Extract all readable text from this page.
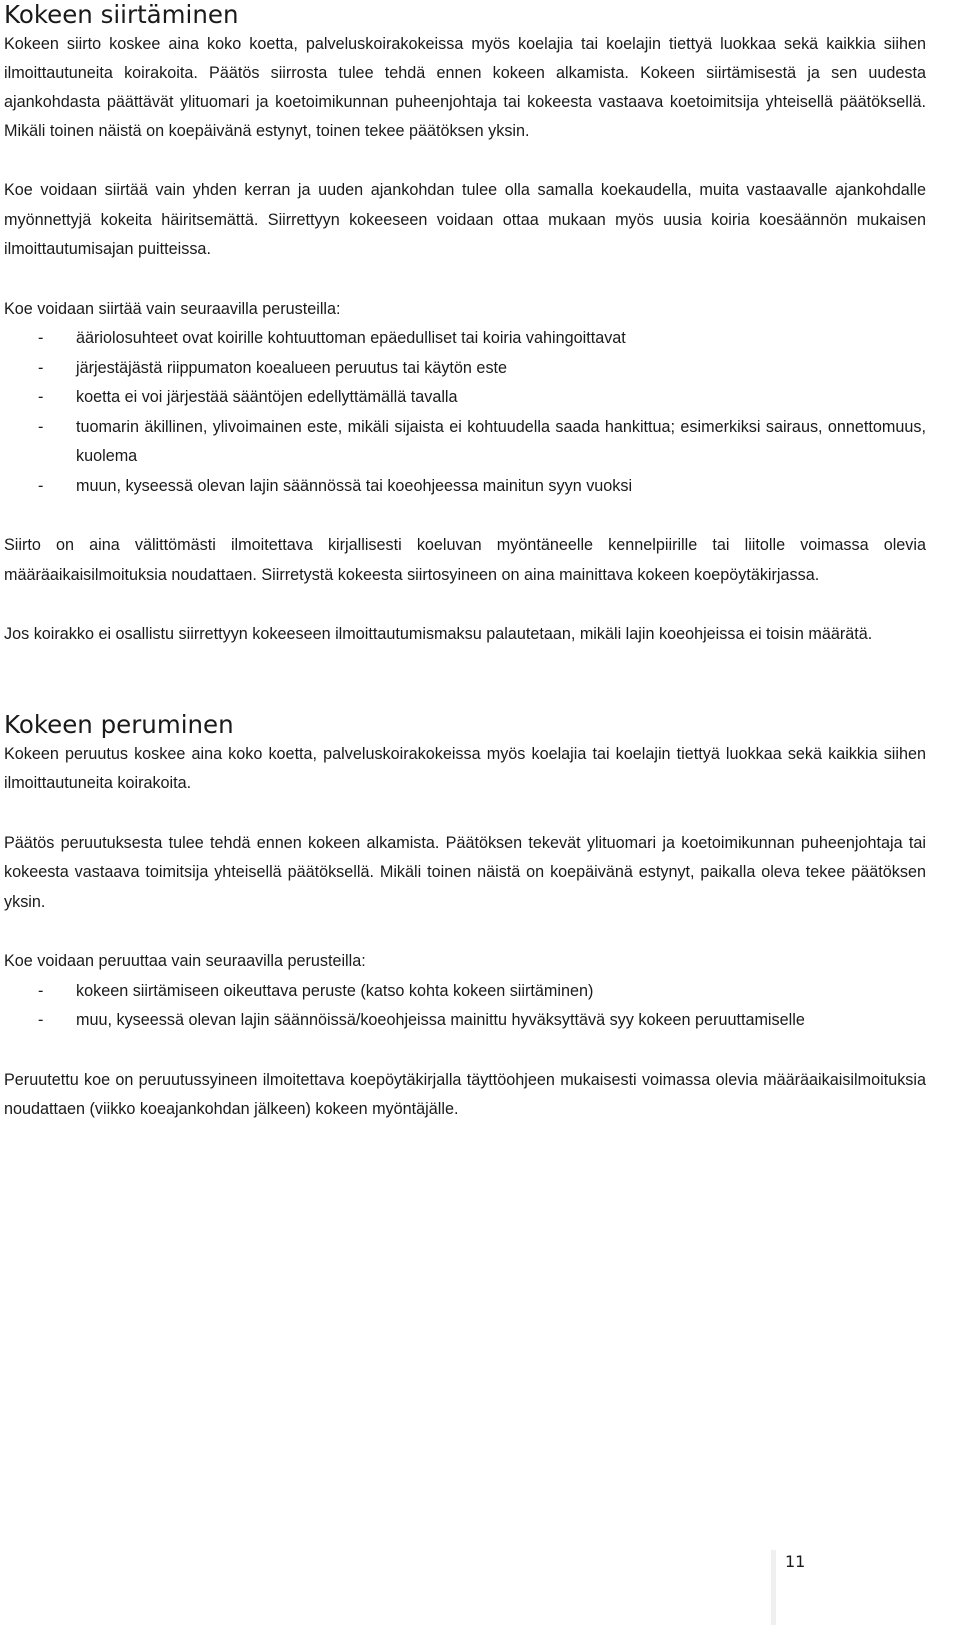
Kokeen siirtäminen

Kokeen siirto koskee aina koko koetta, palveluskoirakokeissa myös koelajia tai koelajin tiettyä luokkaa sekä kaikkia siihen ilmoittautuneita koirakoita. Päätös siirrosta tulee tehdä ennen kokeen alkamista. Kokeen siirtämisestä ja sen uudesta ajankohdasta päättävät ylituomari ja koetoimikunnan puheenjohtaja tai kokeesta vastaava koetoimitsija yhteisellä päätöksellä. Mikäli toinen näistä on koepäivänä estynyt, toinen tekee päätöksen yksin.

Koe voidaan siirtää vain yhden kerran ja uuden ajankohdan tulee olla samalla koekaudella, muita vastaavalle ajankohdalle myönnettyjä kokeita häiritsemättä. Siirrettyyn kokeeseen voidaan ottaa mukaan myös uusia koiria koesäännön mukaisen ilmoittautumisajan puitteissa.

Koe voidaan siirtää vain seuraavilla perusteilla:

- ääriolosuhteet ovat koirille kohtuuttoman epäedulliset tai koiria vahingoittavat
- järjestäjästä riippumaton koealueen peruutus tai käytön este
- koetta ei voi järjestää sääntöjen edellyttämällä tavalla
- tuomarin äkillinen, ylivoimainen este, mikäli sijaista ei kohtuudella saada hankittua; esimerkiksi sairaus, onnettomuus, kuolema
- muun, kyseessä olevan lajin säännössä tai koeohjeessa mainitun syyn vuoksi

Siirto on aina välittömästi ilmoitettava kirjallisesti koeluvan myöntäneelle kennelpiirille tai liitolle voimassa olevia määräaikaisilmoituksia noudattaen. Siirretystä kokeesta siirtosyineen on aina mainittava kokeen koepöytäkirjassa.

Jos koirakko ei osallistu siirrettyyn kokeeseen ilmoittautumismaksu palautetaan, mikäli lajin koeohjeissa ei toisin määrätä.

Kokeen peruminen

Kokeen peruutus koskee aina koko koetta, palveluskoirakokeissa myös koelajia tai koelajin tiettyä luokkaa sekä kaikkia siihen ilmoittautuneita koirakoita.

Päätös peruutuksesta tulee tehdä ennen kokeen alkamista. Päätöksen tekevät ylituomari ja koetoimikunnan puheenjohtaja tai kokeesta vastaava toimitsija yhteisellä päätöksellä. Mikäli toinen näistä on koepäivänä estynyt, paikalla oleva tekee päätöksen yksin.

Koe voidaan peruuttaa vain seuraavilla perusteilla:

- kokeen siirtämiseen oikeuttava peruste (katso kohta kokeen siirtäminen)
- muu, kyseessä olevan lajin säännöissä/koeohjeissa mainittu hyväksyttävä syy kokeen peruuttamiselle

Peruutettu koe on peruutussyineen ilmoitettava koepöytäkirjalla täyttöohjeen mukaisesti voimassa olevia määräaikaisilmoituksia noudattaen (viikko koeajankohdan jälkeen) kokeen myöntäjälle.

11
